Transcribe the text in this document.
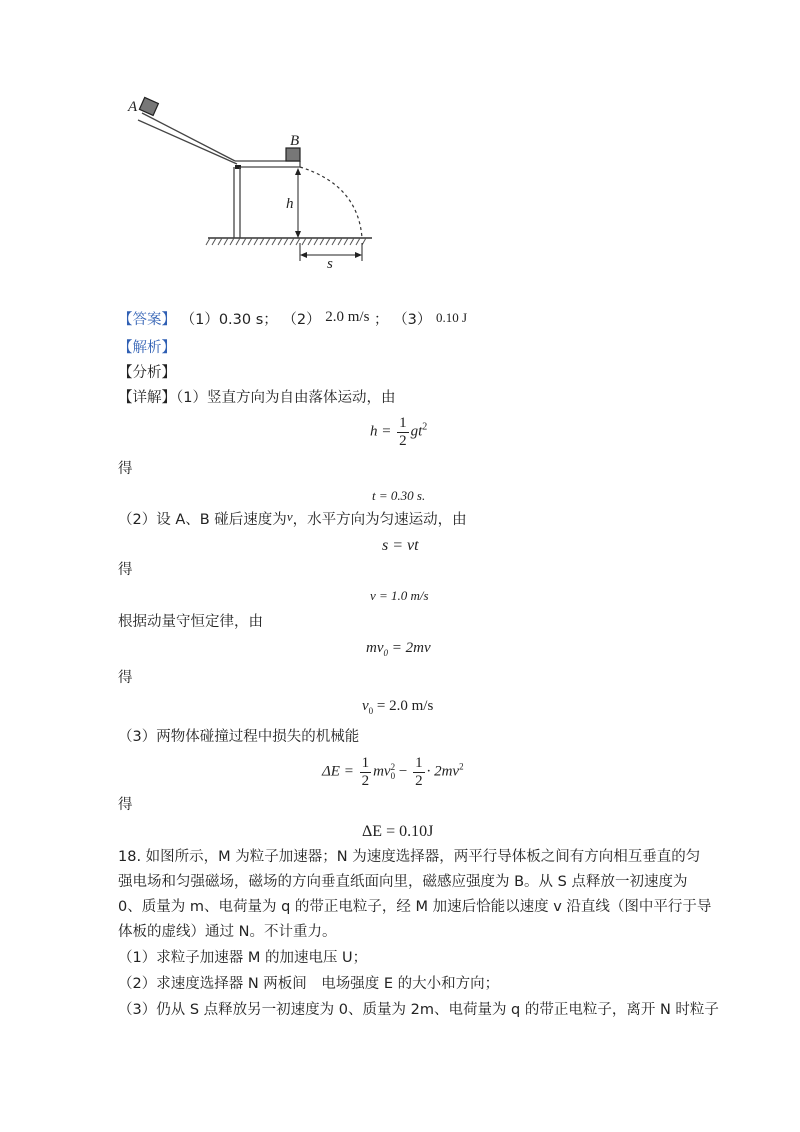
A
B
h
s
【答案】 （1）0.30 s； （2） 2.0 m/s ； （3） 0.10 J
【解析】
【分析】
【详解】（1）竖直方向为自由落体运动，由
$h = \frac{1}{2} gt^2$
得
t = 0.30 s.
（2）设 A、B 碰后速度为v，水平方向为匀速运动，由
s = vt
得
v = 1.0 m/s
根据动量守恒定律，由
$mv_0 = 2mv$
得
$v_0 = 2.0$ m/s
（3）两物体碰撞过程中损失的机械能
$\Delta E = \frac{1}{2}$ mv 2
$0 - \frac{1}{2} \cdot 2mv^2$
得
ΔE = 0.10J
18. 如图所示，M 为粒子加速器；N 为速度选择器，两平行导体板之间有方向相互垂直的匀
强电场和匀强磁场，磁场的方向垂直纸面向里，磁感应强度为 B。从 S 点释放一初速度为
0、质量为 m、电荷量为 q 的带正电粒子，经 M 加速后恰能以速度 v 沿直线（图中平行于导
体板的虚线）通过 N。不计重力。
（1）求粒子加速器 M 的加速电压 U；
（2）求速度选择器 N 两板间　电场强度 E 的大小和方向；
（3）仍从 S 点释放另一初速度为 0、质量为 2m、电荷量为 q 的带正电粒子，离开 N 时粒子
